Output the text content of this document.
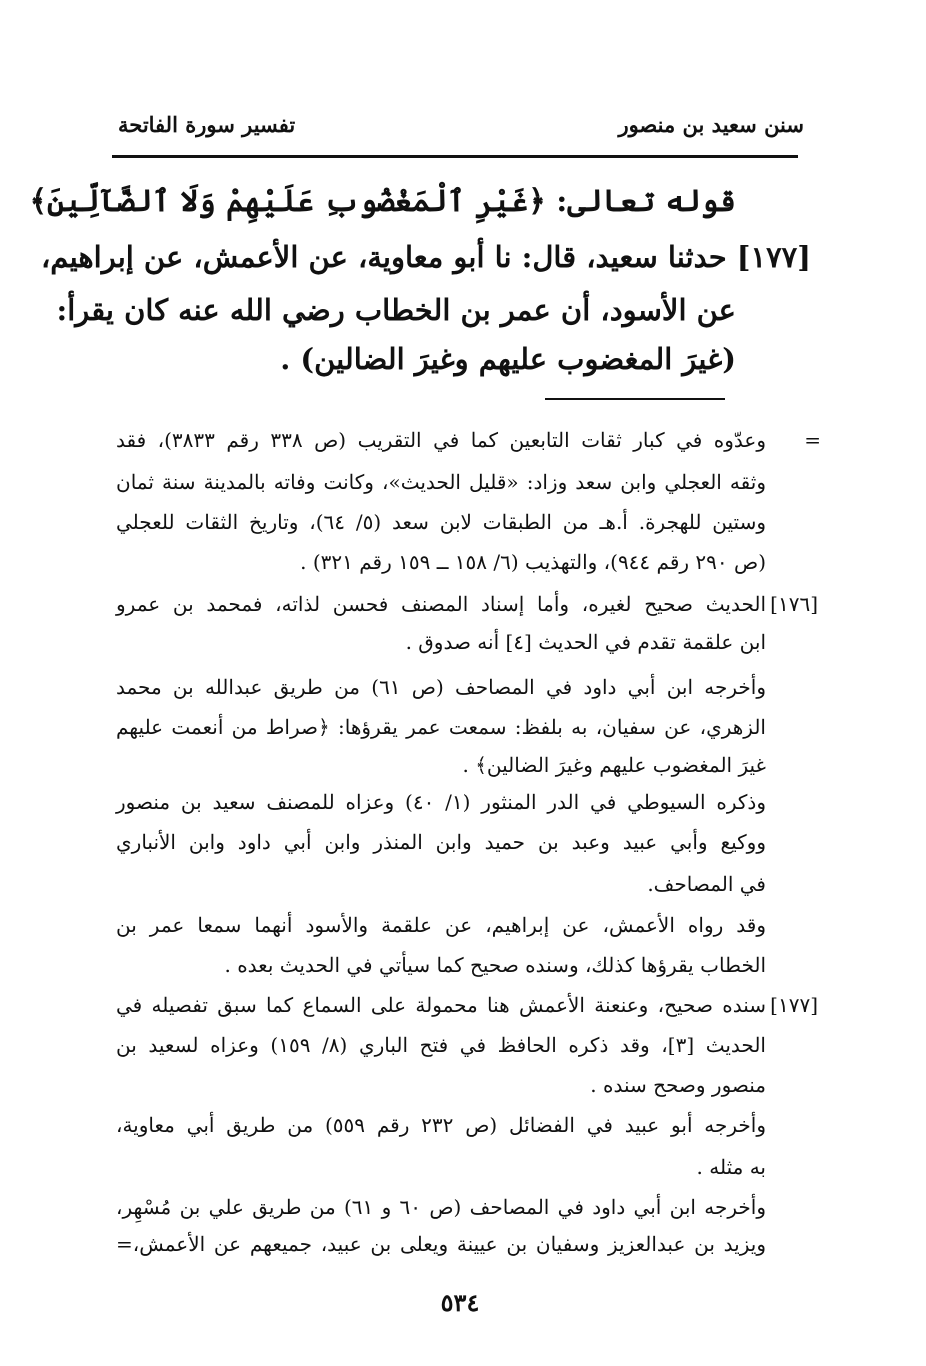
سنن سعيد بن منصور
تفسير سورة الفاتحة
قوله تعالى: ﴿غَيْرِ ٱلْمَغْضُوبِ عَلَيْهِمْ وَلَا ٱلضَّآلِّينَ﴾
[١٧٧] حدثنا سعيد، قال: نا أبو معاوية، عن الأعمش، عن إبراهيم،
عن الأسود، أن عمر بن الخطاب رضي الله عنه كان يقرأ:
(غيرَ المغضوب عليهم وغيرَ الضالين) .
=
[١٧٦]
[١٧٧]
وعدّوه في كبار ثقات التابعين كما في التقريب (ص ٣٣٨ رقم ٣٨٣٣)، فقد
وثقه العجلي وابن سعد وزاد: «قليل الحديث»، وكانت وفاته بالمدينة سنة ثمان
وستين للهجرة. أ.هـ من الطبقات لابن سعد (٥/ ٦٤)، وتاريخ الثقات للعجلي
(ص ٢٩٠ رقم ٩٤٤)، والتهذيب (٦/ ١٥٨ ــ ١٥٩ رقم ٣٢١) .
الحديث صحيح لغيره، وأما إسناد المصنف فحسن لذاته، فمحمد بن عمرو
ابن علقمة تقدم في الحديث [٤] أنه صدوق .
وأخرجه ابن أبي داود في المصاحف (ص ٦١) من طريق عبدالله بن محمد
الزهري، عن سفيان، به بلفظ: سمعت عمر يقرؤها: ﴿صراط من أنعمت عليهم
غيرَ المغضوب عليهم وغيرَ الضالين﴾ .
وذكره السيوطي في الدر المنثور (١/ ٤٠) وعزاه للمصنف سعيد بن منصور
ووكيع وأبي عبيد وعبد بن حميد وابن المنذر وابن أبي داود وابن الأنباري
في المصاحف.
وقد رواه الأعمش، عن إبراهيم، عن علقمة والأسود أنهما سمعا عمر بن
الخطاب يقرؤها كذلك، وسنده صحيح كما سيأتي في الحديث بعده .
سنده صحيح، وعنعنة الأعمش هنا محمولة على السماع كما سبق تفصيله في
الحديث [٣]، وقد ذكره الحافظ في فتح الباري (٨/ ١٥٩) وعزاه لسعيد بن
منصور وصحح سنده .
وأخرجه أبو عبيد في الفضائل (ص ٢٣٢ رقم ٥٥٩) من طريق أبي معاوية،
به مثله .
وأخرجه ابن أبي داود في المصاحف (ص ٦٠ و ٦١) من طريق علي بن مُسْهِر،
ويزيد بن عبدالعزيز وسفيان بن عيينة ويعلى بن عبيد، جميعهم عن الأعمش،=
٥٣٤
